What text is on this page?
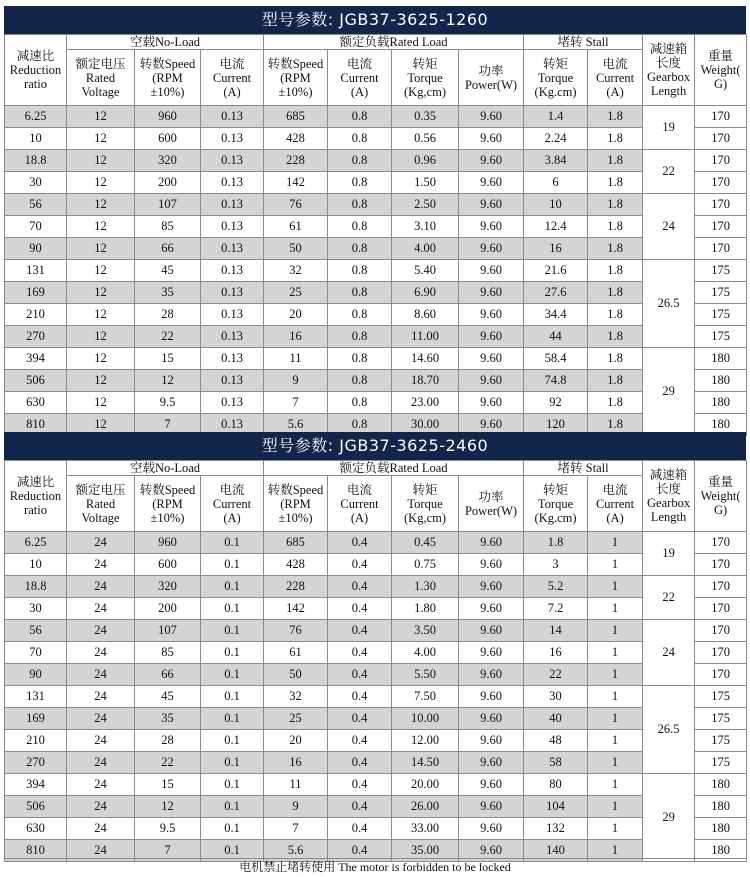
型号参数: JGB37-3625-1260
减速比
Reduction
ratio	空载No-Load			额定负载Rated Load				堵转 Stall		减速箱
长度
Gearbox
Length	重量
Weight(
G)
	额定电压
Rated
Voltage	转数Speed
(RPM
±10%)	电流
Current
(A)	转数Speed
(RPM
±10%)	电流
Current
(A)	转矩
Torque
(Kg,cm)	功率
Power(W)	转矩
Torque
(Kg.cm)	电流
Current
(A)		
6.25	12	960	0.13	685	0.8	0.35	9.60	1.4	1.8	19	170
10	12	600	0.13	428	0.8	0.56	9.60	2.24	1.8		170
18.8	12	320	0.13	228	0.8	0.96	9.60	3.84	1.8	22	170
30	12	200	0.13	142	0.8	1.50	9.60	6	1.8		170
56	12	107	0.13	76	0.8	2.50	9.60	10	1.8	24	170
70	12	85	0.13	61	0.8	3.10	9.60	12.4	1.8		170
90	12	66	0.13	50	0.8	4.00	9.60	16	1.8		170
131	12	45	0.13	32	0.8	5.40	9.60	21.6	1.8	26.5	175
169	12	35	0.13	25	0.8	6.90	9.60	27.6	1.8		175
210	12	28	0.13	20	0.8	8.60	9.60	34.4	1.8		175
270	12	22	0.13	16	0.8	11.00	9.60	44	1.8		175
394	12	15	0.13	11	0.8	14.60	9.60	58.4	1.8	29	180
506	12	12	0.13	9	0.8	18.70	9.60	74.8	1.8		180
630	12	9.5	0.13	7	0.8	23.00	9.60	92	1.8		180
810	12	7	0.13	5.6	0.8	30.00	9.60	120	1.8		180
型号参数: JGB37-3625-2460
减速比
Reduction
ratio	空载No-Load			额定负载Rated Load				堵转 Stall		减速箱
长度
Gearbox
Length	重量
Weight(
G)
	额定电压
Rated
Voltage	转数Speed
(RPM
±10%)	电流
Current
(A)	转数Speed
(RPM
±10%)	电流
Current
(A)	转矩
Torque
(Kg,cm)	功率
Power(W)	转矩
Torque
(Kg.cm)	电流
Current
(A)		
6.25	24	960	0.1	685	0.4	0.45	9.60	1.8	1	19	170
10	24	600	0.1	428	0.4	0.75	9.60	3	1		170
18.8	24	320	0.1	228	0.4	1.30	9.60	5.2	1	22	170
30	24	200	0.1	142	0.4	1.80	9.60	7.2	1		170
56	24	107	0.1	76	0.4	3.50	9.60	14	1	24	170
70	24	85	0.1	61	0.4	4.00	9.60	16	1		170
90	24	66	0.1	50	0.4	5.50	9.60	22	1		170
131	24	45	0.1	32	0.4	7.50	9.60	30	1	26.5	175
169	24	35	0.1	25	0.4	10.00	9.60	40	1		175
210	24	28	0.1	20	0.4	12.00	9.60	48	1		175
270	24	22	0.1	16	0.4	14.50	9.60	58	1		175
394	24	15	0.1	11	0.4	20.00	9.60	80	1	29	180
506	24	12	0.1	9	0.4	26.00	9.60	104	1		180
630	24	9.5	0.1	7	0.4	33.00	9.60	132	1		180
810	24	7	0.1	5.6	0.4	35.00	9.60	140	1		180
电机禁止堵转使用 The motor is forbidden to be locked
